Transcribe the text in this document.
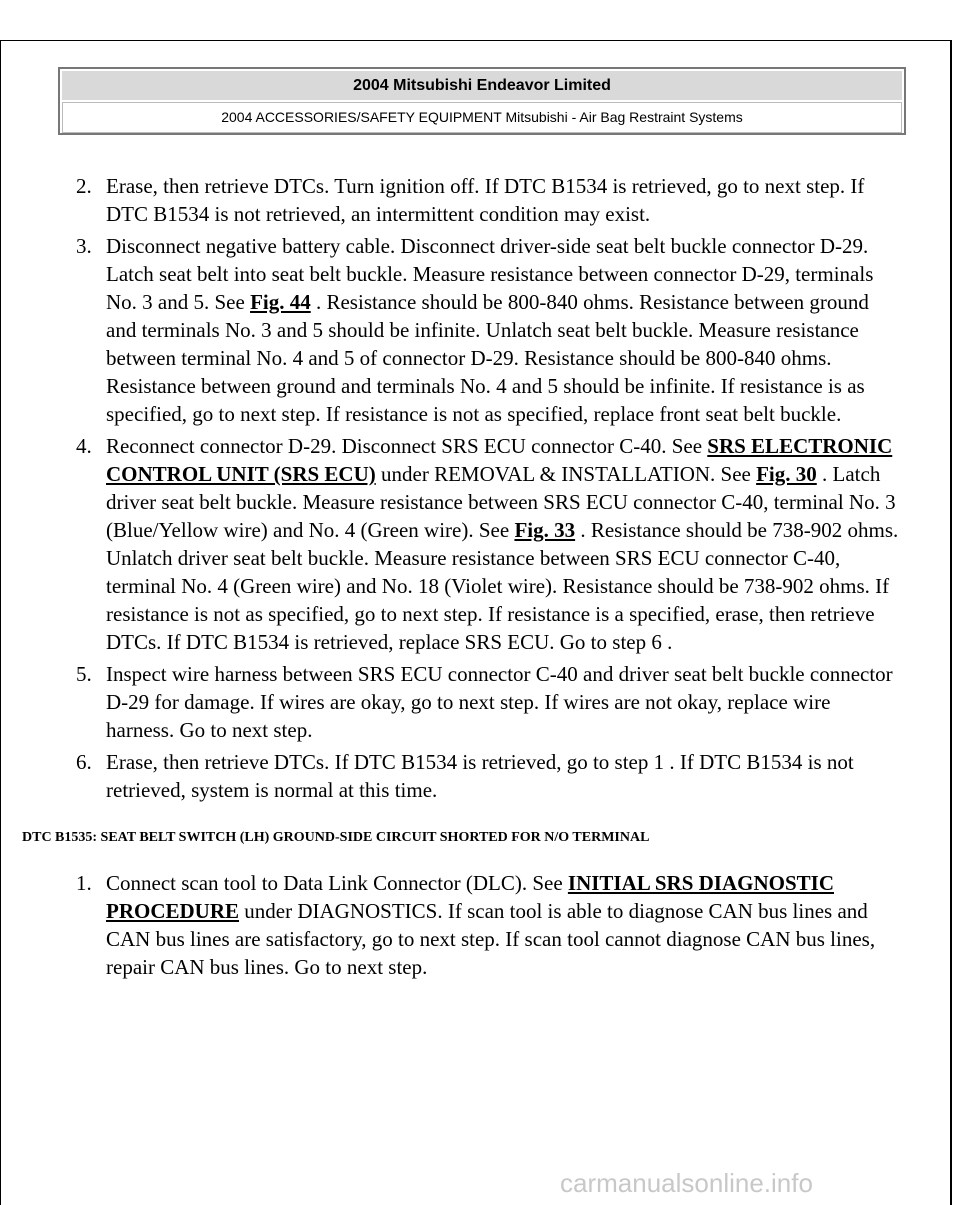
2004 Mitsubishi Endeavor Limited
2004 ACCESSORIES/SAFETY EQUIPMENT Mitsubishi - Air Bag Restraint Systems
2. Erase, then retrieve DTCs. Turn ignition off. If DTC B1534 is retrieved, go to next step. If DTC B1534 is not retrieved, an intermittent condition may exist.
3. Disconnect negative battery cable. Disconnect driver-side seat belt buckle connector D-29. Latch seat belt into seat belt buckle. Measure resistance between connector D-29, terminals No. 3 and 5. See Fig. 44 . Resistance should be 800-840 ohms. Resistance between ground and terminals No. 3 and 5 should be infinite. Unlatch seat belt buckle. Measure resistance between terminal No. 4 and 5 of connector D-29. Resistance should be 800-840 ohms. Resistance between ground and terminals No. 4 and 5 should be infinite. If resistance is as specified, go to next step. If resistance is not as specified, replace front seat belt buckle.
4. Reconnect connector D-29. Disconnect SRS ECU connector C-40. See SRS ELECTRONIC CONTROL UNIT (SRS ECU) under REMOVAL & INSTALLATION. See Fig. 30 . Latch driver seat belt buckle. Measure resistance between SRS ECU connector C-40, terminal No. 3 (Blue/Yellow wire) and No. 4 (Green wire). See Fig. 33 . Resistance should be 738-902 ohms. Unlatch driver seat belt buckle. Measure resistance between SRS ECU connector C-40, terminal No. 4 (Green wire) and No. 18 (Violet wire). Resistance should be 738-902 ohms. If resistance is not as specified, go to next step. If resistance is a specified, erase, then retrieve DTCs. If DTC B1534 is retrieved, replace SRS ECU. Go to step 6 .
5. Inspect wire harness between SRS ECU connector C-40 and driver seat belt buckle connector D-29 for damage. If wires are okay, go to next step. If wires are not okay, replace wire harness. Go to next step.
6. Erase, then retrieve DTCs. If DTC B1534 is retrieved, go to step 1 . If DTC B1534 is not retrieved, system is normal at this time.
DTC B1535: SEAT BELT SWITCH (LH) GROUND-SIDE CIRCUIT SHORTED FOR N/O TERMINAL
1. Connect scan tool to Data Link Connector (DLC). See INITIAL SRS DIAGNOSTIC PROCEDURE under DIAGNOSTICS. If scan tool is able to diagnose CAN bus lines and CAN bus lines are satisfactory, go to next step. If scan tool cannot diagnose CAN bus lines, repair CAN bus lines. Go to next step.
carmanualsonline.info
